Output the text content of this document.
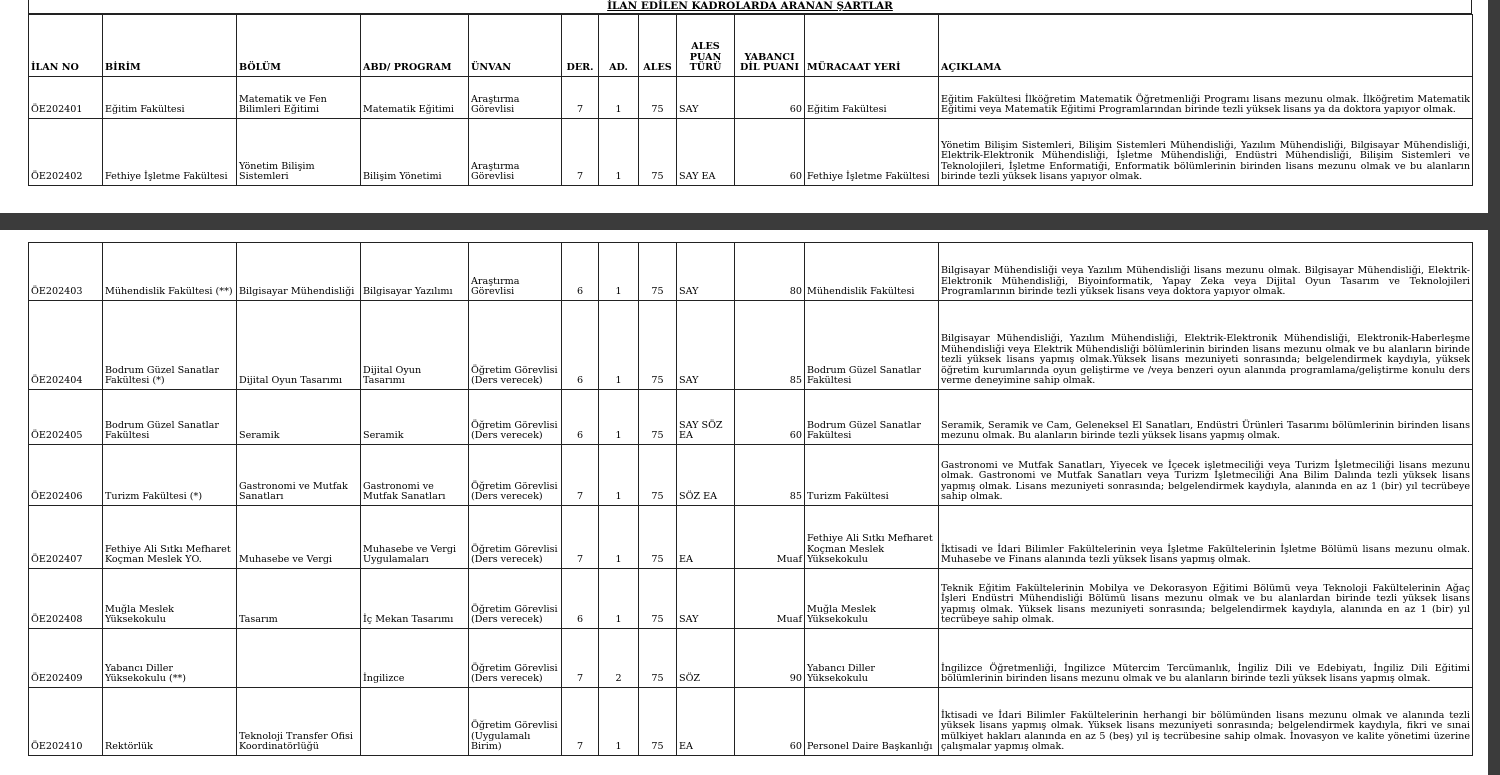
İLAN EDİLEN KADROLARDA ARANAN ŞARTLAR
İLAN NO	BİRİM	BÖLÜM	ABD/ PROGRAM	ÜNVAN	DER.	AD.	ALES	ALES PUAN TÜRÜ	YABANCI DİL PUANI	MÜRACAAT YERİ	AÇIKLAMA
ÖE202401	Eğitim Fakültesi	Matematik ve Fen Bilimleri Eğitimi	Matematik Eğitimi	Araştırma Görevlisi	7	1	75	SAY	60	Eğitim Fakültesi	Eğitim Fakültesi İlköğretim Matematik Öğretmenliği Programı lisans mezunu olmak. İlköğretim Matematik Eğitimi veya Matematik Eğitimi Programlarından birinde tezli yüksek lisans ya da doktora yapıyor olmak.
ÖE202402	Fethiye İşletme Fakültesi	Yönetim Bilişim Sistemleri	Bilişim Yönetimi	Araştırma Görevlisi	7	1	75	SAY EA	60	Fethiye İşletme Fakültesi	Yönetim Bilişim Sistemleri, Bilişim Sistemleri Mühendisliği, Yazılım Mühendisliği, Bilgisayar Mühendisliği, Elektrik-Elektronik Mühendisliği, İşletme Mühendisliği, Endüstri Mühendisliği, Bilişim Sistemleri ve Teknolojileri, İşletme Enformatiği, Enformatik bölümlerinin birinden lisans mezunu olmak ve bu alanların birinde tezli yüksek lisans yapıyor olmak.
ÖE202403	Mühendislik Fakültesi (**)	Bilgisayar Mühendisliği	Bilgisayar Yazılımı	Araştırma Görevlisi	6	1	75	SAY	80	Mühendislik Fakültesi	Bilgisayar Mühendisliği veya Yazılım Mühendisliği lisans mezunu olmak. Bilgisayar Mühendisliği, Elektrik-Elektronik Mühendisliği, Biyoinformatik, Yapay Zeka veya Dijital Oyun Tasarım ve Teknolojileri Programlarının birinde tezli yüksek lisans veya doktora yapıyor olmak.
ÖE202404	Bodrum Güzel Sanatlar Fakültesi (*)	Dijital Oyun Tasarımı	Dijital Oyun Tasarımı	Öğretim Görevlisi (Ders verecek)	6	1	75	SAY	85	Bodrum Güzel Sanatlar Fakültesi	Bilgisayar Mühendisliği, Yazılım Mühendisliği, Elektrik-Elektronik Mühendisliği, Elektronik-Haberleşme Mühendisliği veya Elektrik Mühendisliği bölümlerinin birinden lisans mezunu olmak ve bu alanların birinde tezli yüksek lisans yapmış olmak.Yüksek lisans mezuniyeti sonrasında; belgelendirmek kaydıyla, yüksek öğretim kurumlarında oyun geliştirme ve /veya benzeri oyun alanında programlama/geliştirme konulu ders verme deneyimine sahip olmak.
ÖE202405	Bodrum Güzel Sanatlar Fakültesi	Seramik	Seramik	Öğretim Görevlisi (Ders verecek)	6	1	75	SAY SÖZ EA	60	Bodrum Güzel Sanatlar Fakültesi	Seramik, Seramik ve Cam, Geleneksel El Sanatları, Endüstri Ürünleri Tasarımı bölümlerinin birinden lisans mezunu olmak. Bu alanların birinde tezli yüksek lisans yapmış olmak.
ÖE202406	Turizm Fakültesi (*)	Gastronomi ve Mutfak Sanatları	Gastronomi ve Mutfak Sanatları	Öğretim Görevlisi (Ders verecek)	7	1	75	SÖZ EA	85	Turizm Fakültesi	Gastronomi ve Mutfak Sanatları, Yiyecek ve İçecek işletmeciliği veya Turizm İşletmeciliği lisans mezunu olmak. Gastronomi ve Mutfak Sanatları veya Turizm İşletmeciliği Ana Bilim Dalında tezli yüksek lisans yapmış olmak. Lisans mezuniyeti sonrasında; belgelendirmek kaydıyla, alanında en az 1 (bir) yıl tecrübeye sahip olmak.
ÖE202407	Fethiye Ali Sıtkı Mefharet Koçman Meslek YO.	Muhasebe ve Vergi	Muhasebe ve Vergi Uygulamaları	Öğretim Görevlisi (Ders verecek)	7	1	75	EA	Muaf	Fethiye Ali Sıtkı Mefharet Koçman Meslek Yüksekokulu	İktisadi ve İdari Bilimler Fakültelerinin veya İşletme Fakültelerinin İşletme Bölümü lisans mezunu olmak. Muhasebe ve Finans alanında tezli yüksek lisans yapmış olmak.
ÖE202408	Muğla Meslek Yüksekokulu	Tasarım	İç Mekan Tasarımı	Öğretim Görevlisi (Ders verecek)	6	1	75	SAY	Muaf	Muğla Meslek Yüksekokulu	Teknik Eğitim Fakültelerinin Mobilya ve Dekorasyon Eğitimi Bölümü veya Teknoloji Fakültelerinin Ağaç İşleri Endüstri Mühendisliği Bölümü lisans mezunu olmak ve bu alanlardan birinde tezli yüksek lisans yapmış olmak. Yüksek lisans mezuniyeti sonrasında; belgelendirmek kaydıyla, alanında en az 1 (bir) yıl tecrübeye sahip olmak.
ÖE202409	Yabancı Diller Yüksekokulu (**)		İngilizce	Öğretim Görevlisi (Ders verecek)	7	2	75	SÖZ	90	Yabancı Diller Yüksekokulu	İngilizce Öğretmenliği, İngilizce Mütercim Tercümanlık, İngiliz Dili ve Edebiyatı, İngiliz Dili Eğitimi bölümlerinin birinden lisans mezunu olmak ve bu alanların birinde tezli yüksek lisans yapmış olmak.
ÖE202410	Rektörlük	Teknoloji Transfer Ofisi Koordinatörlüğü		Öğretim Görevlisi (Uygulamalı Birim)	7	1	75	EA	60	Personel Daire Başkanlığı	İktisadi ve İdari Bilimler Fakültelerinin herhangi bir bölümünden lisans mezunu olmak ve alanında tezli yüksek lisans yapmış olmak. Yüksek lisans mezuniyeti sonrasında; belgelendirmek kaydıyla, fikri ve sınai mülkiyet hakları alanında en az 5 (beş) yıl iş tecrübesine sahip olmak. İnovasyon ve kalite yönetimi üzerine çalışmalar yapmış olmak.
